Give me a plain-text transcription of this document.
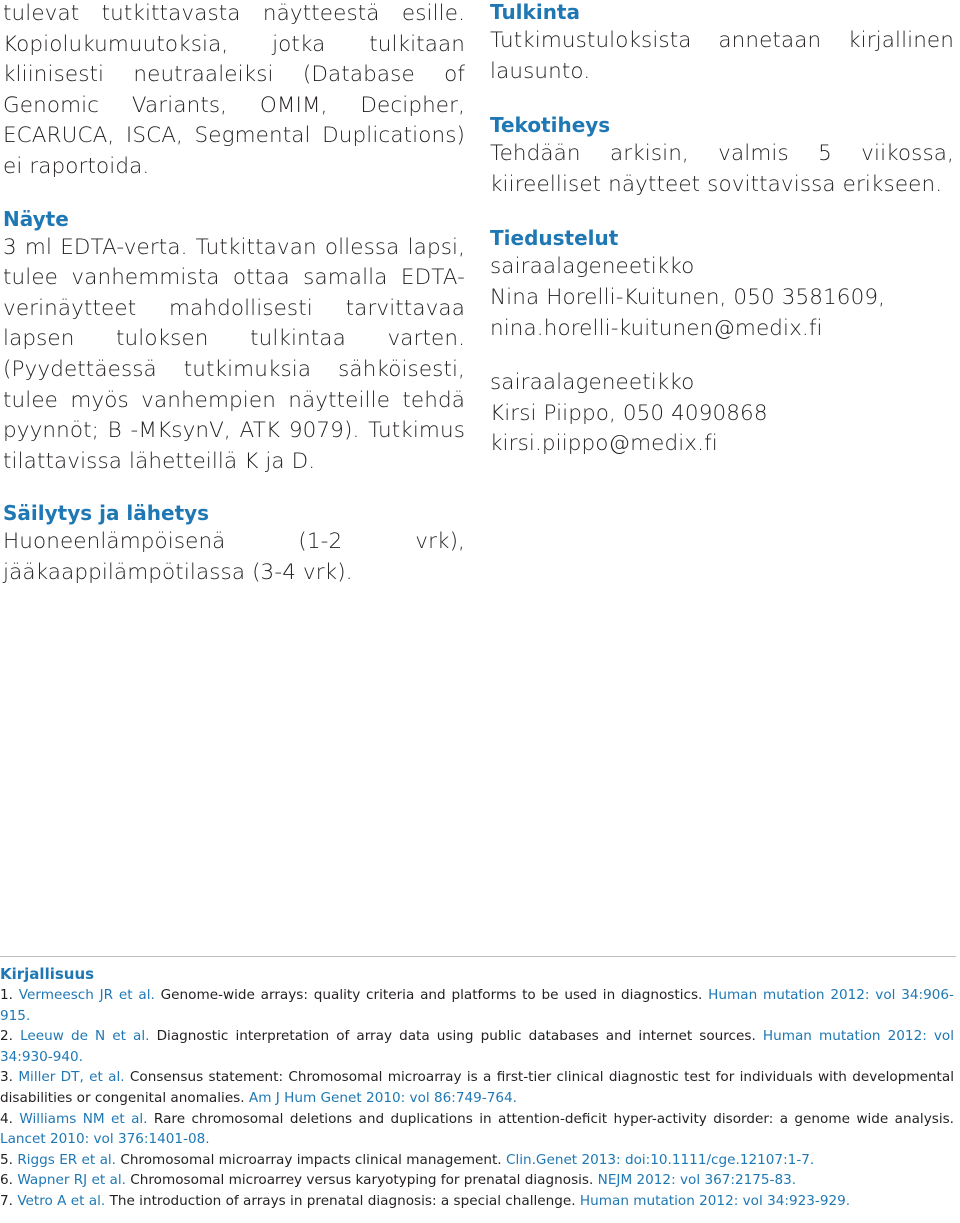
tulevat tutkittavasta näytteestä esille. Kopiolukumuutoksia, jotka tulkitaan kliinisesti neutraaleiksi (Database of Genomic Variants, OMIM, Decipher, ECARUCA, ISCA, Segmental Duplications) ei raportoida.

Näyte

3 ml EDTA-verta. Tutkittavan ollessa lapsi, tulee vanhemmista ottaa samalla EDTA-verinäytteet mahdollisesti tarvittavaa lapsen tuloksen tulkintaa varten. (Pyydettäessä tutkimuksia sähköisesti, tulee myös vanhempien näytteille tehdä pyynnöt; B -MKsynV, ATK 9079). Tutkimus tilattavissa lähetteillä K ja D.

Säilytys ja lähetys

Huoneenlämpöisenä (1-2 vrk), jääkaappilämpötilassa (3-4 vrk).

Tulkinta

Tutkimustuloksista annetaan kirjallinen lausunto.

Tekotiheys

Tehdään arkisin, valmis 5 viikossa, kiireelliset näytteet sovittavissa erikseen.

Tiedustelut

sairaalageneetikko

Nina Horelli-Kuitunen, 050 3581609,

nina.horelli-kuitunen@medix.fi

sairaalageneetikko

Kirsi Piippo, 050 4090868

kirsi.piippo@medix.fi

Kirjallisuus

1. Vermeesch JR et al. Genome-wide arrays: quality criteria and platforms to be used in diagnostics. Human mutation 2012: vol 34:906-915.

2. Leeuw de N et al. Diagnostic interpretation of array data using public databases and internet sources. Human mutation 2012: vol 34:930-940.

3. Miller DT, et al. Consensus statement: Chromosomal microarray is a first-tier clinical diagnostic test for individuals with developmental disabilities or congenital anomalies. Am J Hum Genet 2010: vol 86:749-764.

4. Williams NM et al. Rare chromosomal deletions and duplications in attention-deficit hyper-activity disorder: a genome wide analysis. Lancet 2010: vol 376:1401-08.

5. Riggs ER et al. Chromosomal microarray impacts clinical management. Clin.Genet 2013: doi:10.1111/cge.12107:1-7.

6. Wapner RJ et al. Chromosomal microarrey versus karyotyping for prenatal diagnosis. NEJM 2012: vol 367:2175-83.

7. Vetro A et al. The introduction of arrays in prenatal diagnosis: a special challenge. Human mutation 2012: vol 34:923-929.
